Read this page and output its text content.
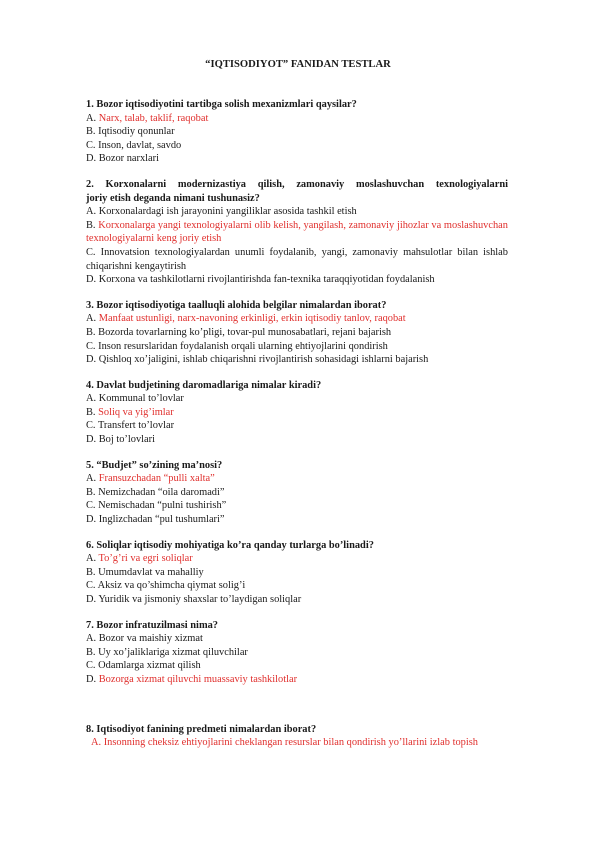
“IQTISODIYOT” FANIDAN TESTLAR
1. Bozor iqtisodiyotini tartibga solish mexanizmlari qaysilar?
A. Narx, talab, taklif, raqobat
B. Iqtisodiy qonunlar
C. Inson, davlat, savdo
D. Bozor narxlari
2. Korxonalarni modernizastiya qilish, zamonaviy moslashuvchan texnologiyalarni
joriy etish deganda nimani tushunasiz?
A. Korxonalardagi ish jarayonini yangiliklar asosida tashkil etish
B. Korxonalarga yangi texnologiyalarni olib kelish, yangilash, zamonaviy jihozlar va moslashuvchan texnologiyalarni keng joriy etish
C. Innovatsion texnologiyalardan unumli foydalanib, yangi, zamonaviy mahsulotlar bilan ishlab chiqarishni kengaytirish
D. Korxona va tashkilotlarni rivojlantirishda fan-texnika taraqqiyotidan foydalanish
3. Bozor iqtisodiyotiga taalluqli alohida belgilar nimalardan iborat?
A. Manfaat ustunligi, narx-navoning erkinligi, erkin iqtisodiy tanlov, raqobat
B. Bozorda tovarlarning ko’pligi, tovar-pul munosabatlari, rejani bajarish
C. Inson resurslaridan foydalanish orqali ularning ehtiyojlarini qondirish
D. Qishloq xo’jaligini, ishlab chiqarishni rivojlantirish sohasidagi ishlarni bajarish
4. Davlat budjetining daromadlariga nimalar kiradi?
A. Kommunal to’lovlar
B. Soliq va yig’imlar
C. Transfert to’lovlar
D. Boj to’lovlari
5. “Budjet” so’zining ma’nosi?
A. Fransuzchadan “pulli xalta”
B. Nemizchadan “oila daromadi”
C. Nemischadan “pulni tushirish”
D. Inglizchadan “pul tushumlari”
6. Soliqlar iqtisodiy mohiyatiga ko’ra qanday turlarga bo’linadi?
A. To’g’ri va egri soliqlar
B. Umumdavlat va mahalliy
C. Aksiz va qo’shimcha qiymat solig’i
D. Yuridik va jismoniy shaxslar to’laydigan soliqlar
7. Bozor infratuzilmasi nima?
A. Bozor va maishiy xizmat
B. Uy xo’jaliklariga xizmat qiluvchilar
C. Odamlarga xizmat qilish
D. Bozorga xizmat qiluvchi muassaviy tashkilotlar
8. Iqtisodiyot fanining predmeti nimalardan iborat?
A. Insonning cheksiz ehtiyojlarini cheklangan resurslar bilan qondirish yo’llarini izlab topish
